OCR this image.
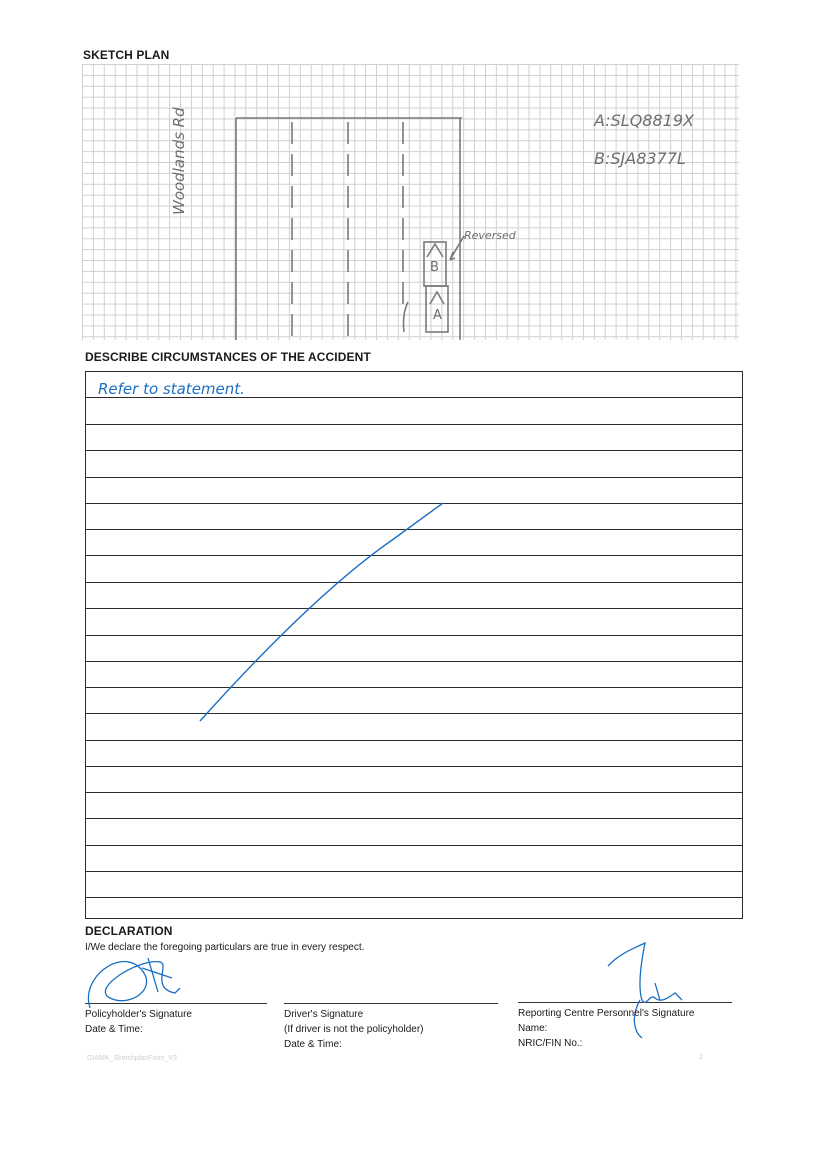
SKETCH PLAN
Woodlands Rd	A:SLQ8819X
B:SJA8377L
Reversed
B
A
DESCRIBE CIRCUMSTANCES OF THE ACCIDENT
Refer to statement.
DECLARATION
I/We declare the foregoing particulars are true in every respect.
Policyholder's Signature
Date & Time:
Driver's Signature
(If driver is not the policyholder)
Date & Time:
Reporting Centre Personnel's Signature
Name:
NRIC/FIN No.:
GIAMK_SketchplanForm_V3	2
